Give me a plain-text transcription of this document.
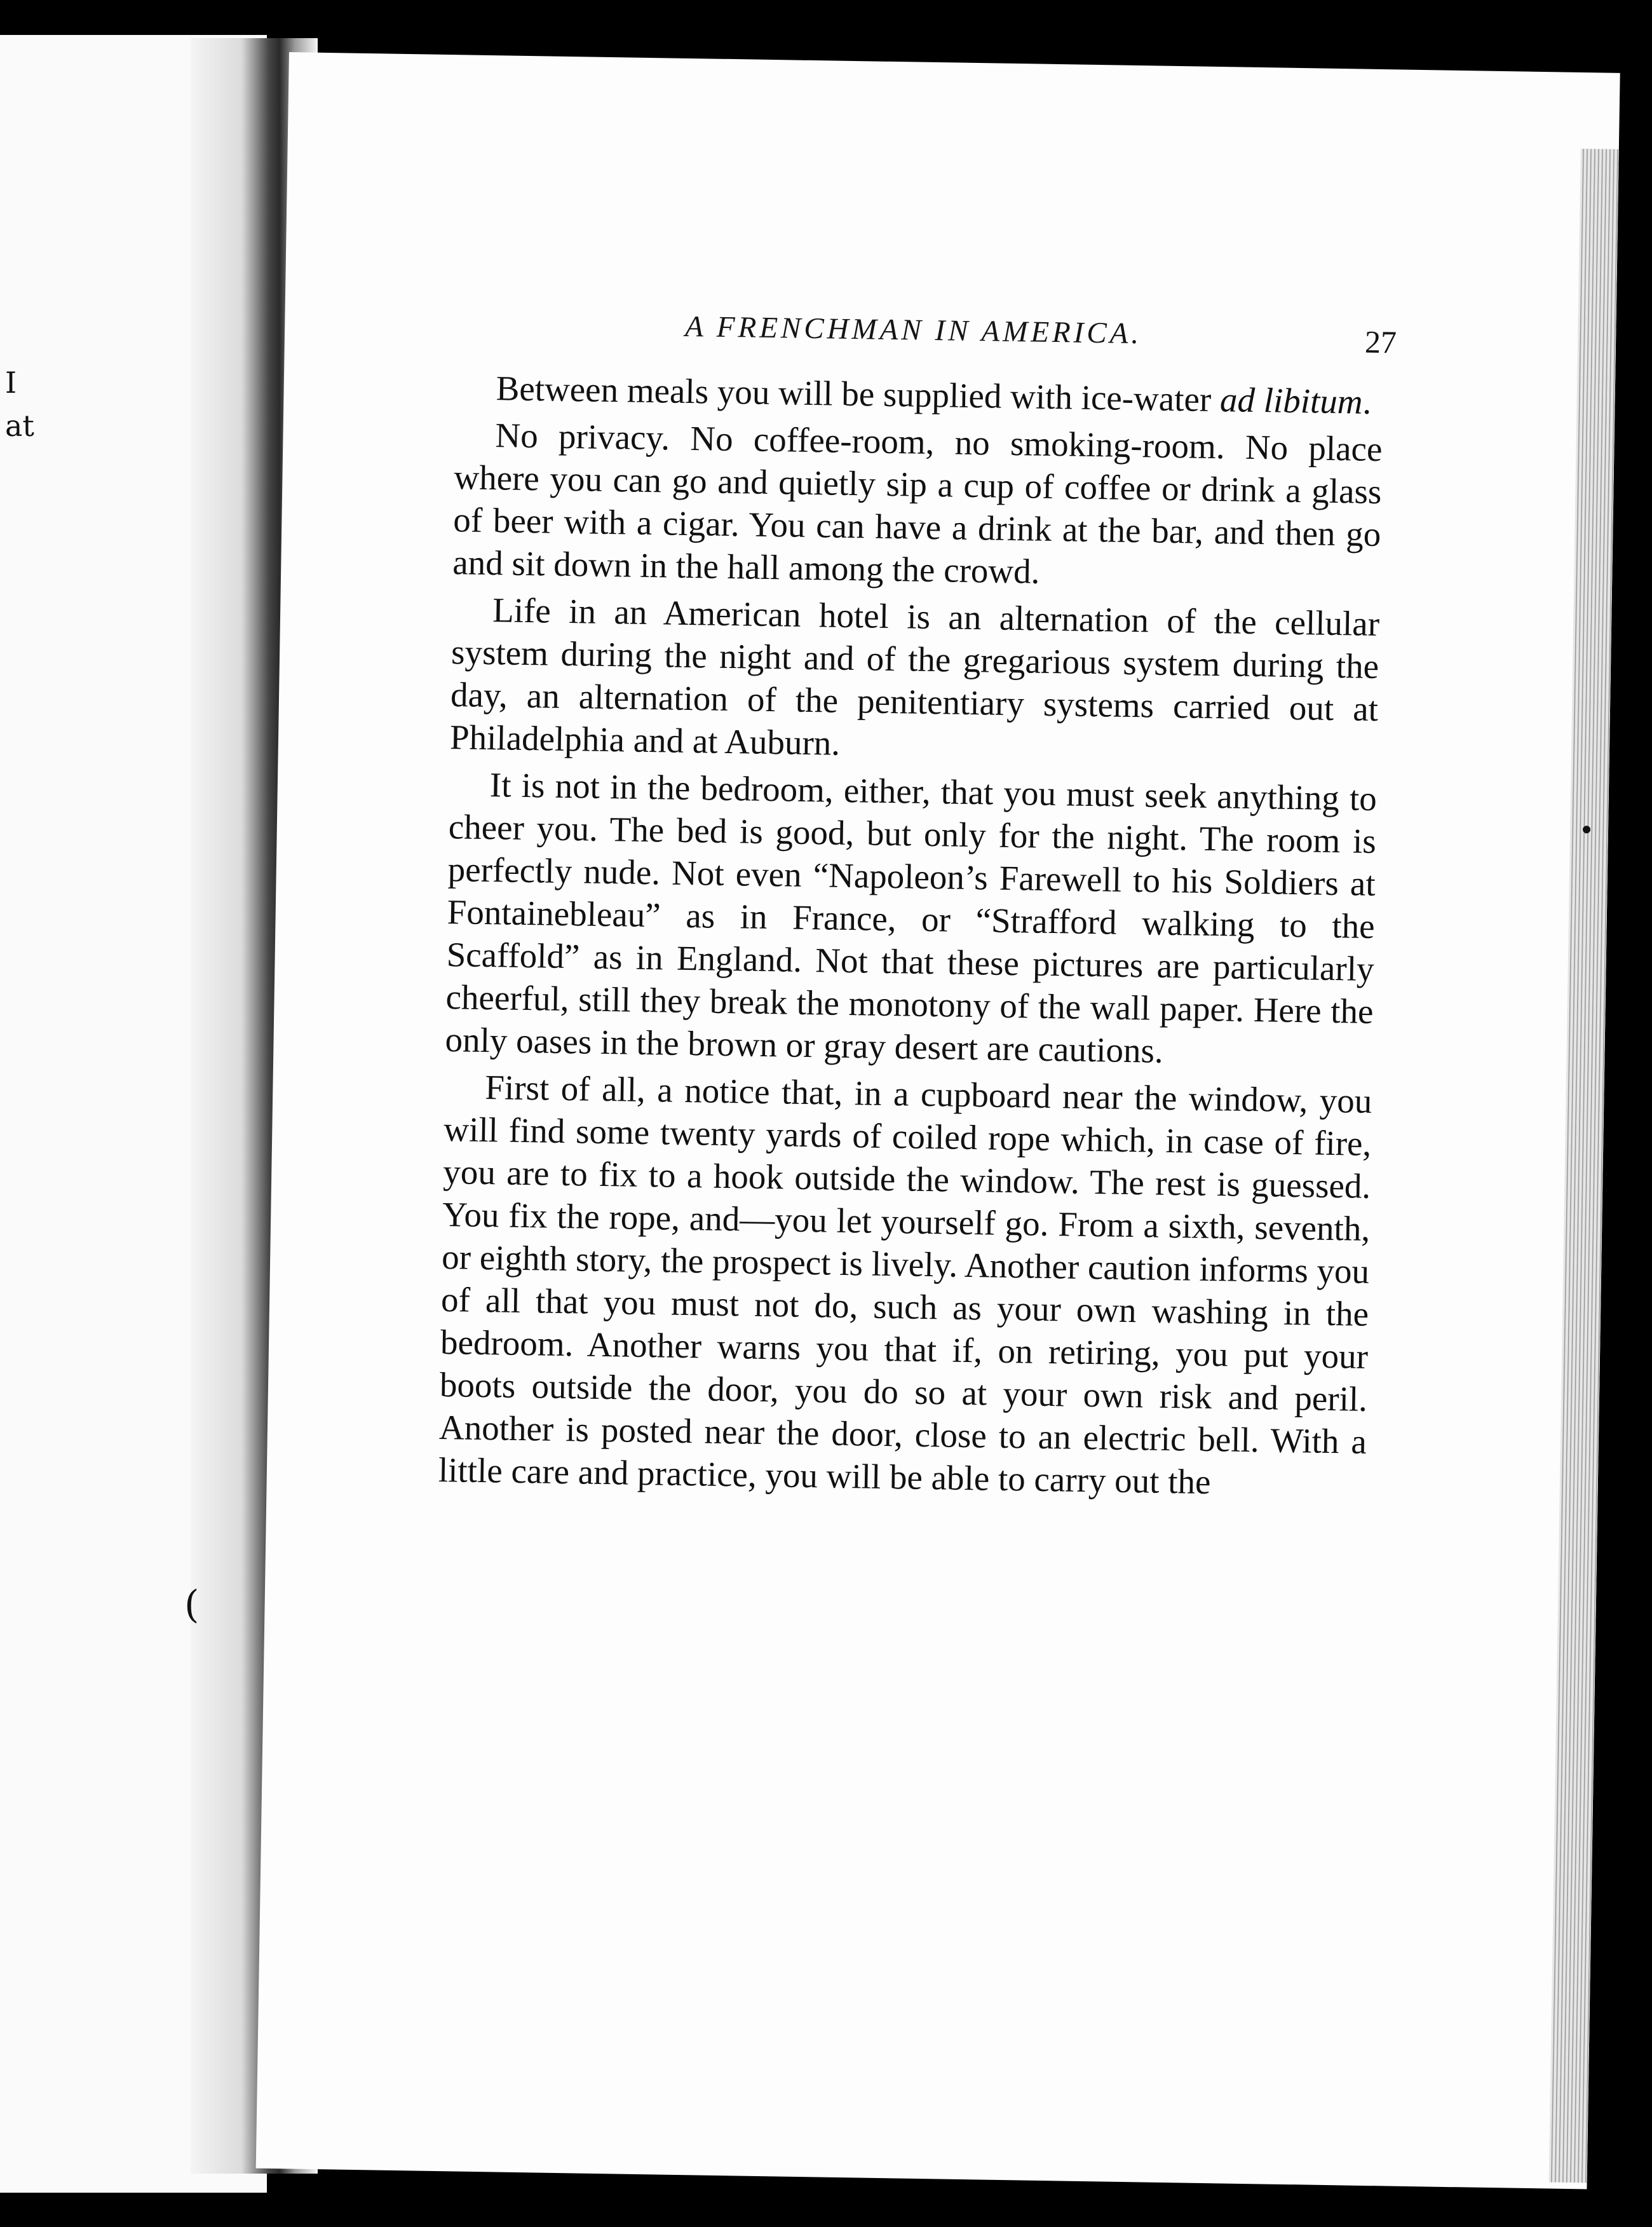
I
at
A FRENCHMAN IN AMERICA.	27

Between meals you will be supplied with ice-water ad libitum.

No privacy. No coffee-room, no smoking-room. No place where you can go and quietly sip a cup of coffee or drink a glass of beer with a cigar. You can have a drink at the bar, and then go and sit down in the hall among the crowd.

Life in an American hotel is an alternation of the cellular system during the night and of the gregarious system during the day, an alternation of the penitentiary systems carried out at Philadelphia and at Auburn.

It is not in the bedroom, either, that you must seek anything to cheer you. The bed is good, but only for the night. The room is perfectly nude. Not even “Napoleon’s Farewell to his Soldiers at Fontainebleau” as in France, or “Strafford walking to the Scaffold” as in England. Not that these pictures are particularly cheerful, still they break the monotony of the wall paper. Here the only oases in the brown or gray desert are cautions.

First of all, a notice that, in a cupboard near the window, you will find some twenty yards of coiled rope which, in case of fire, you are to fix to a hook outside the window. The rest is guessed. You fix the rope, and—you let yourself go. From a sixth, seventh, or eighth story, the prospect is lively. Another caution informs you of all that you must not do, such as your own washing in the bedroom. Another warns you that if, on retiring, you put your boots outside the door, you do so at your own risk and peril. Another is posted near the door, close to an electric bell. With a little care and practice, you will be able to carry out the

(
